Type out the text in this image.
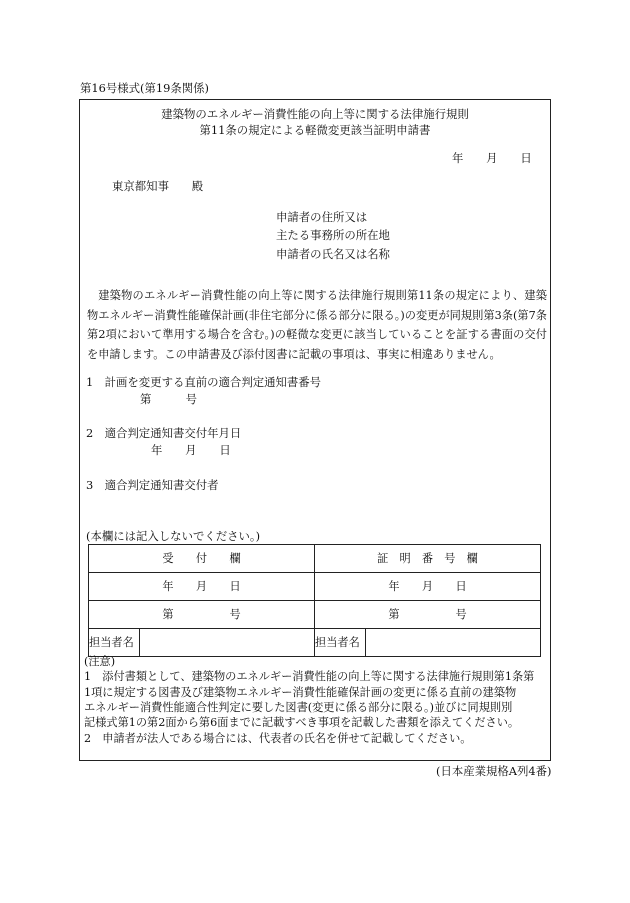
第16号様式(第19条関係)
建築物のエネルギー消費性能の向上等に関する法律施行規則
第11条の規定による軽微変更該当証明申請書
年　　月　　日
東京都知事　　殿
申請者の住所又は
主たる事務所の所在地
申請者の氏名又は名称
建築物のエネルギー消費性能の向上等に関する法律施行規則第11条の規定により、建築物エネルギー消費性能確保計画(非住宅部分に係る部分に限る。)の変更が同規則第3条(第7条第2項において準用する場合を含む。)の軽微な変更に該当していることを証する書面の交付を申請します。この申請書及び添付図書に記載の事項は、事実に相違ありません。
1　計画を変更する直前の適合判定通知書番号
第　　　号
2　適合判定通知書交付年月日
年　　月　　日
3　適合判定通知書交付者
(本欄には記入しないでください。)
受　　付　　欄	証　明　番　号　欄
年　　月　　日	年　　月　　日
第　　　　　号	第　　　　　号

担当者名	担当者名
(注意)
1　添付書類として、建築物のエネルギー消費性能の向上等に関する法律施行規則第1条第
1項に規定する図書及び建築物エネルギー消費性能確保計画の変更に係る直前の建築物
エネルギー消費性能適合性判定に要した図書(変更に係る部分に限る。)並びに同規則別
記様式第1の第2面から第6面までに記載すべき事項を記載した書類を添えてください。
2　申請者が法人である場合には、代表者の氏名を併せて記載してください。
(日本産業規格A列4番)
